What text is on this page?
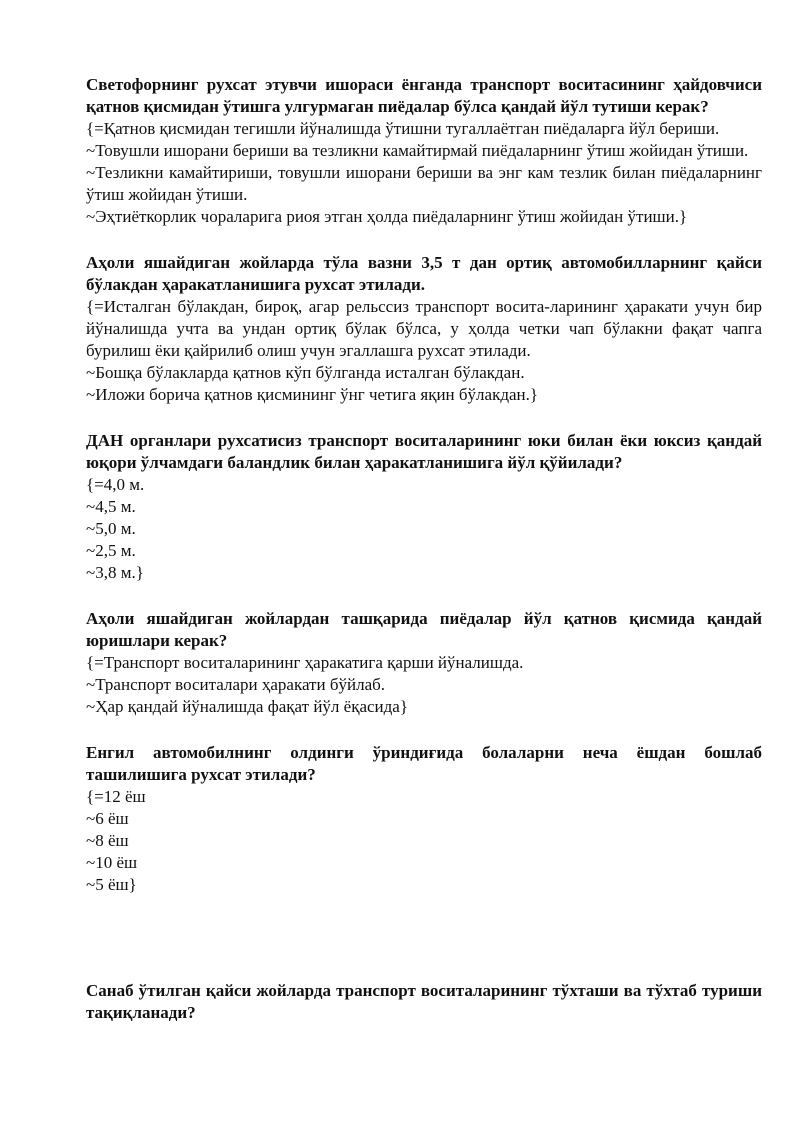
Светофорнинг рухсат этувчи ишораси ёнганда транспорт воситасининг ҳайдовчиси қатнов қисмидан ўтишга улгурмаган пиёдалар бўлса қандай йўл тутиши керак?

{=Қатнов қисмидан тегишли йўналишда ўтишни тугаллаётган пиёдаларга йўл бериши.

~Товушли ишорани бериши ва тезликни камайтирмай пиёдаларнинг ўтиш жойидан ўтиши.

~Тезликни камайтириши, товушли ишорани бериши ва энг кам тезлик билан пиёдаларнинг ўтиш жойидан ўтиши.

~Эҳтиёткорлик чораларига риоя этган ҳолда пиёдаларнинг ўтиш жойидан ўтиши.}

Аҳоли яшайдиган жойларда тўла вазни 3,5 т дан ортиқ автомобилларнинг қайси бўлакдан ҳаракатланишига рухсат этилади.

{=Исталган бўлакдан, бироқ, агар рельссиз транспорт восита-ларининг ҳаракати учун бир йўналишда учта ва ундан ортиқ бўлак бўлса, у ҳолда четки чап бўлакни фақат чапга бурилиш ёки қайрилиб олиш учун эгаллашга рухсат этилади.

~Бошқа бўлакларда қатнов кўп бўлганда исталган бўлакдан.

~Иложи борича қатнов қисмининг ўнг четига яқин бўлакдан.}

ДАН органлари рухсатисиз транспорт воситаларининг юки билан ёки юксиз қандай юқори ўлчамдаги баландлик билан ҳаракатланишига йўл қўйилади?

{=4,0 м.

~4,5 м.

~5,0 м.

~2,5 м.

~3,8 м.}

Аҳоли яшайдиган жойлардан ташқарида пиёдалар йўл қатнов қисмида қандай юришлари керак?

{=Транспорт воситаларининг ҳаракатига қарши йўналишда.

~Транспорт воситалари ҳаракати бўйлаб.

~Ҳар қандай йўналишда фақат йўл ёқасида}

Енгил автомобилнинг олдинги ўриндиғида болаларни неча ёшдан бошлаб ташилишига рухсат этилади?

{=12 ёш

~6 ёш

~8 ёш

~10 ёш

~5 ёш}

Санаб ўтилган қайси жойларда транспорт воситаларининг тўхташи ва тўхтаб туриши тақиқланади?
